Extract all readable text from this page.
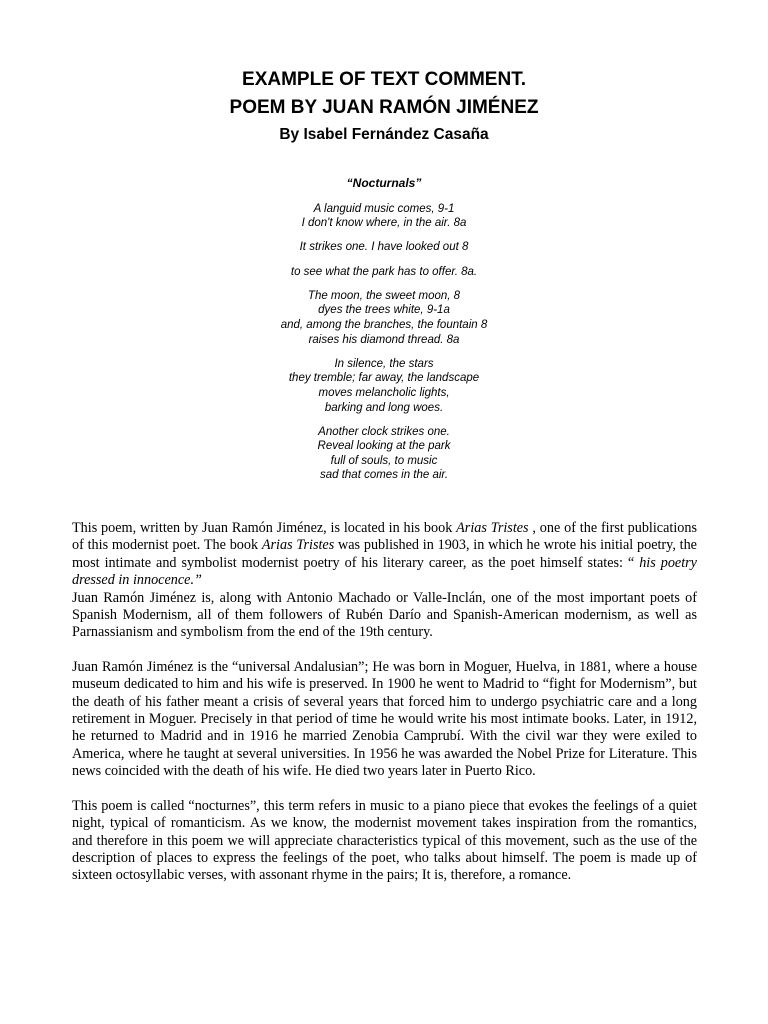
EXAMPLE OF TEXT COMMENT.
POEM BY JUAN RAMÓN JIMÉNEZ
By Isabel Fernández Casaña
“Nocturnals”
A languid music comes, 9-1
I don't know where, in the air. 8a
It strikes one. I have looked out 8
to see what the park has to offer. 8a.
The moon, the sweet moon, 8
dyes the trees white, 9-1a
and, among the branches, the fountain 8
raises his diamond thread. 8a
In silence, the stars
they tremble; far away, the landscape
moves melancholic lights,
barking and long woes.
Another clock strikes one.
Reveal looking at the park
full of souls, to music
sad that comes in the air.

This poem, written by Juan Ramón Jiménez, is located in his book Arias Tristes , one of the first publications of this modernist poet. The book Arias Tristes was published in 1903, in which he wrote his initial poetry, the most intimate and symbolist modernist poetry of his literary career, as the poet himself states: “ his poetry dressed in innocence.”
Juan Ramón Jiménez is, along with Antonio Machado or Valle-Inclán, one of the most important poets of Spanish Modernism, all of them followers of Rubén Darío and Spanish-American modernism, as well as Parnassianism and symbolism from the end of the 19th century.

Juan Ramón Jiménez is the “universal Andalusian”; He was born in Moguer, Huelva, in 1881, where a house museum dedicated to him and his wife is preserved. In 1900 he went to Madrid to “fight for Modernism”, but the death of his father meant a crisis of several years that forced him to undergo psychiatric care and a long retirement in Moguer. Precisely in that period of time he would write his most intimate books. Later, in 1912, he returned to Madrid and in 1916 he married Zenobia Camprubí. With the civil war they were exiled to America, where he taught at several universities. In 1956 he was awarded the Nobel Prize for Literature. This news coincided with the death of his wife. He died two years later in Puerto Rico.

This poem is called “nocturnes”, this term refers in music to a piano piece that evokes the feelings of a quiet night, typical of romanticism. As we know, the modernist movement takes inspiration from the romantics, and therefore in this poem we will appreciate characteristics typical of this movement, such as the use of the description of places to express the feelings of the poet, who talks about himself. The poem is made up of sixteen octosyllabic verses, with assonant rhyme in the pairs; It is, therefore, a romance.
